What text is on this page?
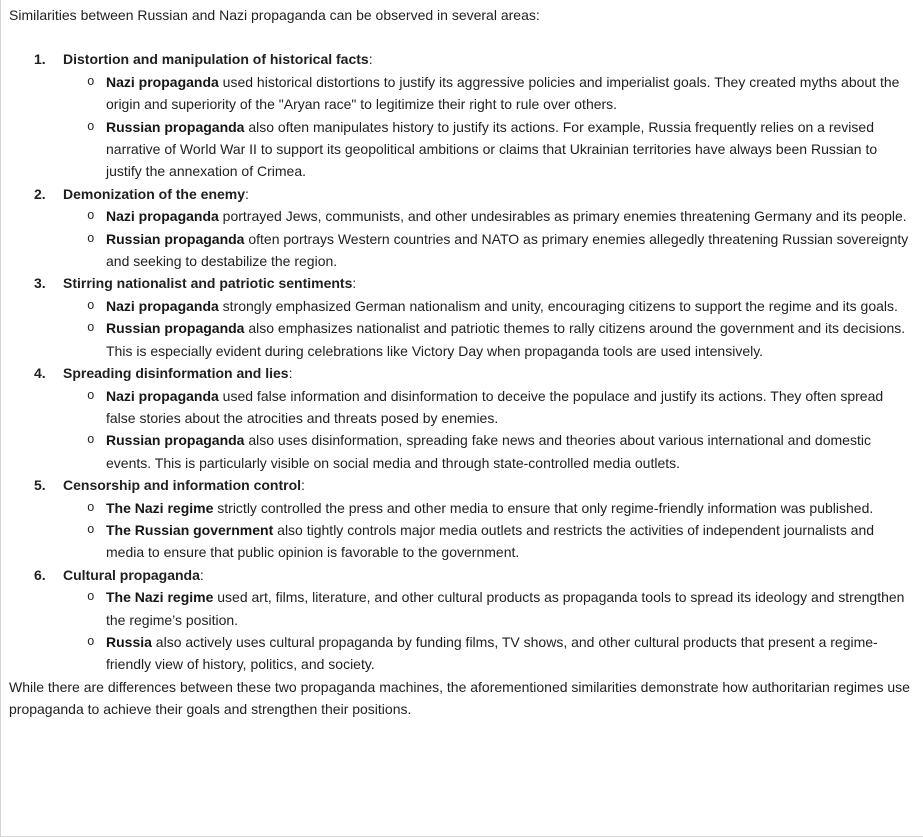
Similarities between Russian and Nazi propaganda can be observed in several areas:
1.	Distortion and manipulation of historical facts:
o Nazi propaganda used historical distortions to justify its aggressive policies and imperialist goals. They created myths about the origin and superiority of the "Aryan race" to legitimize their right to rule over others.
o Russian propaganda also often manipulates history to justify its actions. For example, Russia frequently relies on a revised narrative of World War II to support its geopolitical ambitions or claims that Ukrainian territories have always been Russian to justify the annexation of Crimea.
2.	Demonization of the enemy:
o Nazi propaganda portrayed Jews, communists, and other undesirables as primary enemies threatening Germany and its people.
o Russian propaganda often portrays Western countries and NATO as primary enemies allegedly threatening Russian sovereignty and seeking to destabilize the region.
3.	Stirring nationalist and patriotic sentiments:
o Nazi propaganda strongly emphasized German nationalism and unity, encouraging citizens to support the regime and its goals.
o Russian propaganda also emphasizes nationalist and patriotic themes to rally citizens around the government and its decisions. This is especially evident during celebrations like Victory Day when propaganda tools are used intensively.
4.	Spreading disinformation and lies:
o Nazi propaganda used false information and disinformation to deceive the populace and justify its actions. They often spread false stories about the atrocities and threats posed by enemies.
o Russian propaganda also uses disinformation, spreading fake news and theories about various international and domestic events. This is particularly visible on social media and through state-controlled media outlets.
5.	Censorship and information control:
o The Nazi regime strictly controlled the press and other media to ensure that only regime-friendly information was published.
o The Russian government also tightly controls major media outlets and restricts the activities of independent journalists and media to ensure that public opinion is favorable to the government.
6.	Cultural propaganda:
o The Nazi regime used art, films, literature, and other cultural products as propaganda tools to spread its ideology and strengthen the regime’s position.
o Russia also actively uses cultural propaganda by funding films, TV shows, and other cultural products that present a regime-friendly view of history, politics, and society.
While there are differences between these two propaganda machines, the aforementioned similarities demonstrate how authoritarian regimes use propaganda to achieve their goals and strengthen their positions.
